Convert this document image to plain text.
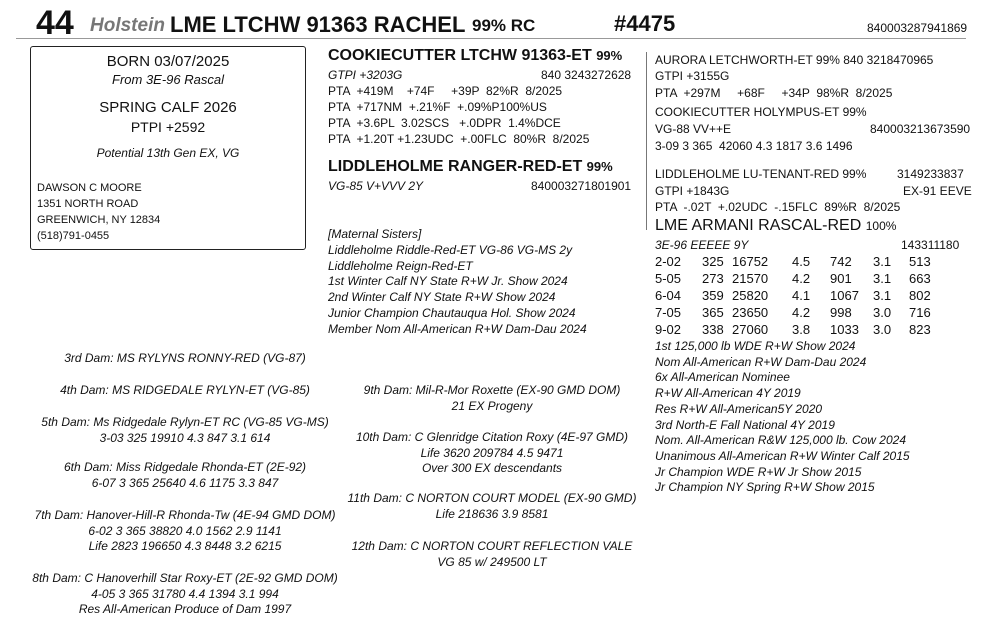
44 Holstein LME LTCHW 91363 RACHEL 99% RC	#4475	840003287941869
BORN 03/07/2025
From 3E-96 Rascal
SPRING CALF 2026
PTPI +2592
Potential 13th Gen EX, VG
DAWSON C MOORE
1351 NORTH ROAD
GREENWICH, NY 12834
(518)791-0455
COOKIECUTTER LTCHW 91363-ET 99%
GTPI +3203G	840 3243272628
PTA  +419M    +74F     +39P  82%R  8/2025
PTA  +717NM  +.21%F  +.09%P100%US
PTA  +3.6PL  3.02SCS   +.0DPR  1.4%DCE
PTA  +1.20T +1.23UDC  +.00FLC  80%R  8/2025
LIDDLEHOLME RANGER-RED-ET 99%
VG-85 V+VVV 2Y	840003271801901
AURORA LETCHWORTH-ET 99% 840 3218470965
GTPI +3155G
PTA  +297M     +68F     +34P  98%R  8/2025
COOKIECUTTER HOLYMPUS-ET 99%
VG-88 VV++E	840003213673590
3-09 3 365  42060 4.3 1817 3.6 1496
LIDDLEHOLME LU-TENANT-RED 99%	3149233837
GTPI +1843G	EX-91 EEVE
PTA  -.02T  +.02UDC  -.15FLC  89%R  8/2025
LME ARMANI RASCAL-RED 100%
3E-96 EEEEE 9Y	143311180
2-02	325	16752	4.5	742	3.1	513
5-05	273	21570	4.2	901	3.1	663
6-04	359	25820	4.1	1067	3.1	802
7-05	365	23650	4.2	998	3.0	716
9-02	338	27060	3.8	1033	3.0	823
1st 125,000 lb WDE R+W Show 2024
Nom All-American R+W Dam-Dau 2024
6x All-American Nominee
R+W All-American 4Y 2019
Res R+W All-American5Y 2020
3rd North-E Fall National 4Y 2019
Nom. All-American R&W 125,000 lb. Cow 2024
Unanimous All-American R+W Winter Calf 2015
Jr Champion WDE R+W Jr Show 2015
Jr Champion NY Spring R+W Show 2015
[Maternal Sisters]
Liddleholme Riddle-Red-ET VG-86 VG-MS 2y
Liddleholme Reign-Red-ET
1st Winter Calf NY State R+W Jr. Show 2024
2nd Winter Calf NY State R+W Show 2024
Junior Champion Chautauqua Hol. Show 2024
Member Nom All-American R+W Dam-Dau 2024
3rd Dam: MS RYLYNS RONNY-RED (VG-87)
4th Dam: MS RIDGEDALE RYLYN-ET (VG-85)
5th Dam: Ms Ridgedale Rylyn-ET RC (VG-85 VG-MS)
3-03 325 19910 4.3 847 3.1 614
6th Dam: Miss Ridgedale Rhonda-ET (2E-92)
6-07 3 365 25640 4.6 1175 3.3 847
7th Dam: Hanover-Hill-R Rhonda-Tw (4E-94 GMD DOM)
6-02 3 365 38820 4.0 1562 2.9 1141
Life 2823 196650 4.3 8448 3.2 6215
8th Dam: C Hanoverhill Star Roxy-ET (2E-92 GMD DOM)
4-05 3 365 31780 4.4 1394 3.1 994
Res All-American Produce of Dam 1997
9th Dam: Mil-R-Mor Roxette (EX-90 GMD DOM)
21 EX Progeny
10th Dam: C Glenridge Citation Roxy (4E-97 GMD)
Life 3620 209784 4.5 9471
Over 300 EX descendants
11th Dam: C NORTON COURT MODEL (EX-90 GMD)
Life 218636 3.9 8581
12th Dam: C NORTON COURT REFLECTION VALE
VG 85 w/ 249500 LT
